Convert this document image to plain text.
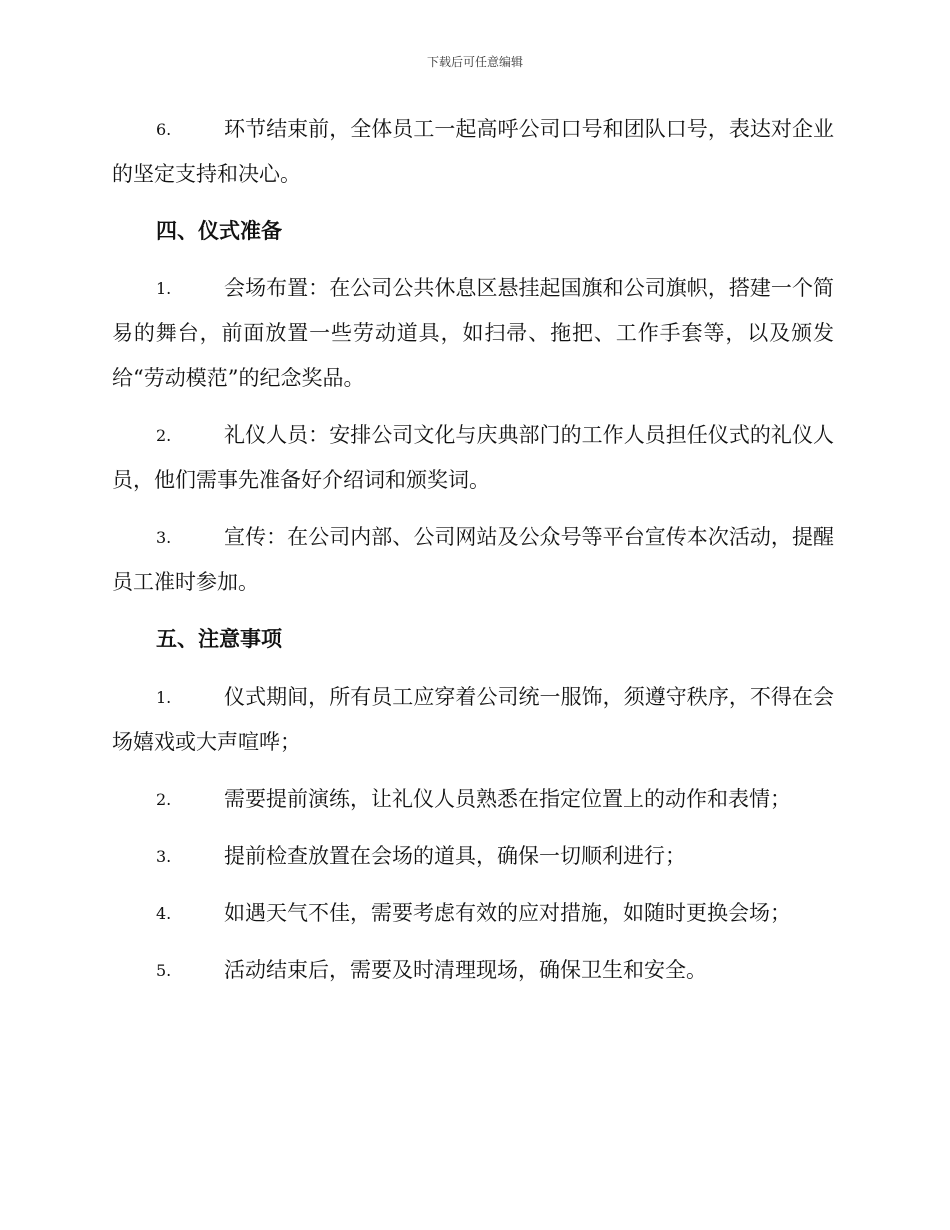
下载后可任意编辑
6.	环节结束前，全体员工一起高呼公司口号和团队口号，表达对企业的坚定支持和决心。
四、仪式准备
1.	会场布置：在公司公共休息区悬挂起国旗和公司旗帜，搭建一个简易的舞台，前面放置一些劳动道具，如扫帚、拖把、工作手套等，以及颁发给“劳动模范”的纪念奖品。
2.	礼仪人员：安排公司文化与庆典部门的工作人员担任仪式的礼仪人员，他们需事先准备好介绍词和颁奖词。
3.	宣传：在公司内部、公司网站及公众号等平台宣传本次活动，提醒员工准时参加。
五、注意事项
1.	仪式期间，所有员工应穿着公司统一服饰，须遵守秩序，不得在会场嬉戏或大声喧哗；
2.	需要提前演练，让礼仪人员熟悉在指定位置上的动作和表情；
3.	提前检查放置在会场的道具，确保一切顺利进行；
4.	如遇天气不佳，需要考虑有效的应对措施，如随时更换会场；
5.	活动结束后，需要及时清理现场，确保卫生和安全。
